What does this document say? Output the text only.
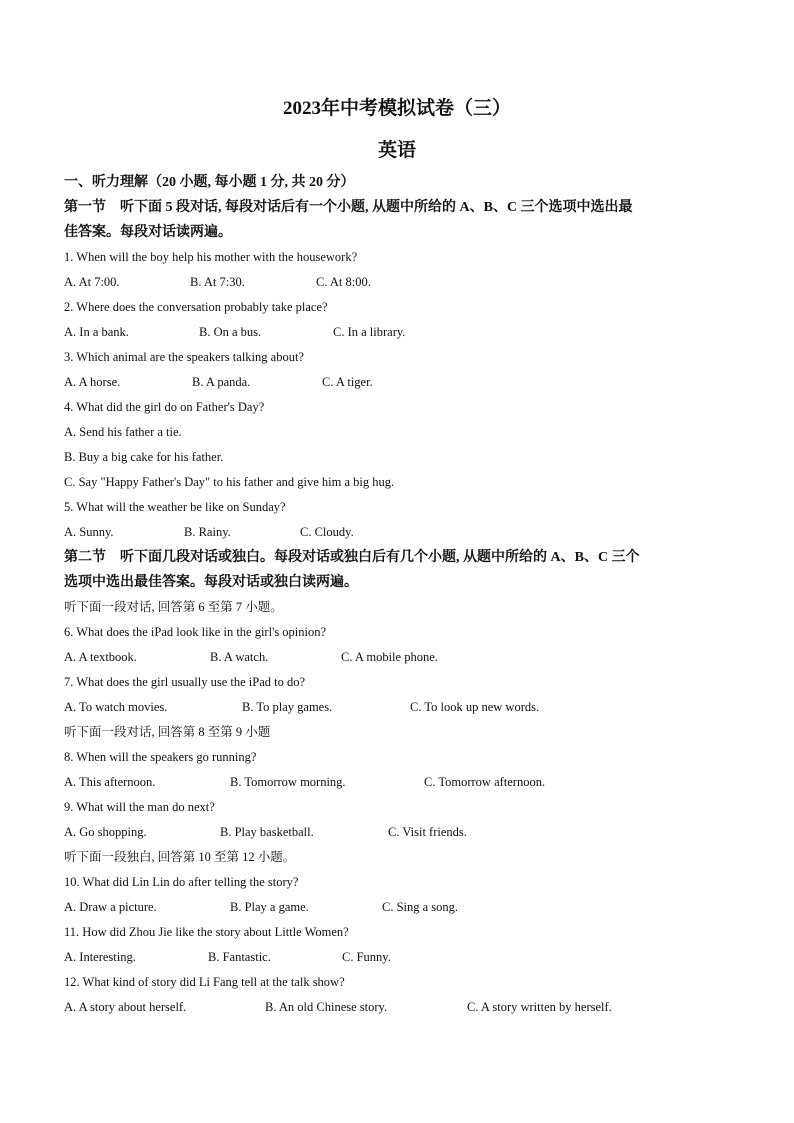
2023年中考模拟试卷（三）
英语
一、听力理解（20 小题, 每小题 1 分, 共 20 分）
第一节　听下面 5 段对话, 每段对话后有一个小题, 从题中所给的 A、B、C 三个选项中选出最
佳答案。每段对话读两遍。
1. When will the boy help his mother with the housework?
A. At 7:00.	B. At 7:30.	C. At 8:00.
2. Where does the conversation probably take place?
A. In a bank.	B. On a bus.	C. In a library.
3. Which animal are the speakers talking about?
A. A horse.	B. A panda.	C. A tiger.
4. What did the girl do on Father's Day?
A. Send his father a tie.
B. Buy a big cake for his father.
C. Say "Happy Father's Day" to his father and give him a big hug.
5. What will the weather be like on Sunday?
A. Sunny.	B. Rainy.	C. Cloudy.
第二节　听下面几段对话或独白。每段对话或独白后有几个小题, 从题中所给的 A、B、C 三个
选项中选出最佳答案。每段对话或独白读两遍。
听下面一段对话, 回答第 6 至第 7 小题。
6. What does the iPad look like in the girl's opinion?
A. A textbook.	B. A watch.	C. A mobile phone.
7. What does the girl usually use the iPad to do?
A. To watch movies.	B. To play games.	C. To look up new words.
听下面一段对话, 回答第 8 至第 9 小题
8. When will the speakers go running?
A. This afternoon.	B. Tomorrow morning.	C. Tomorrow afternoon.
9. What will the man do next?
A. Go shopping.	B. Play basketball.	C. Visit friends.
听下面一段独白, 回答第 10 至第 12 小题。
10. What did Lin Lin do after telling the story?
A. Draw a picture.	B. Play a game.	C. Sing a song.
11. How did Zhou Jie like the story about Little Women?
A. Interesting.	B. Fantastic.	C. Funny.
12. What kind of story did Li Fang tell at the talk show?
A. A story about herself.	B. An old Chinese story.	C. A story written by herself.
